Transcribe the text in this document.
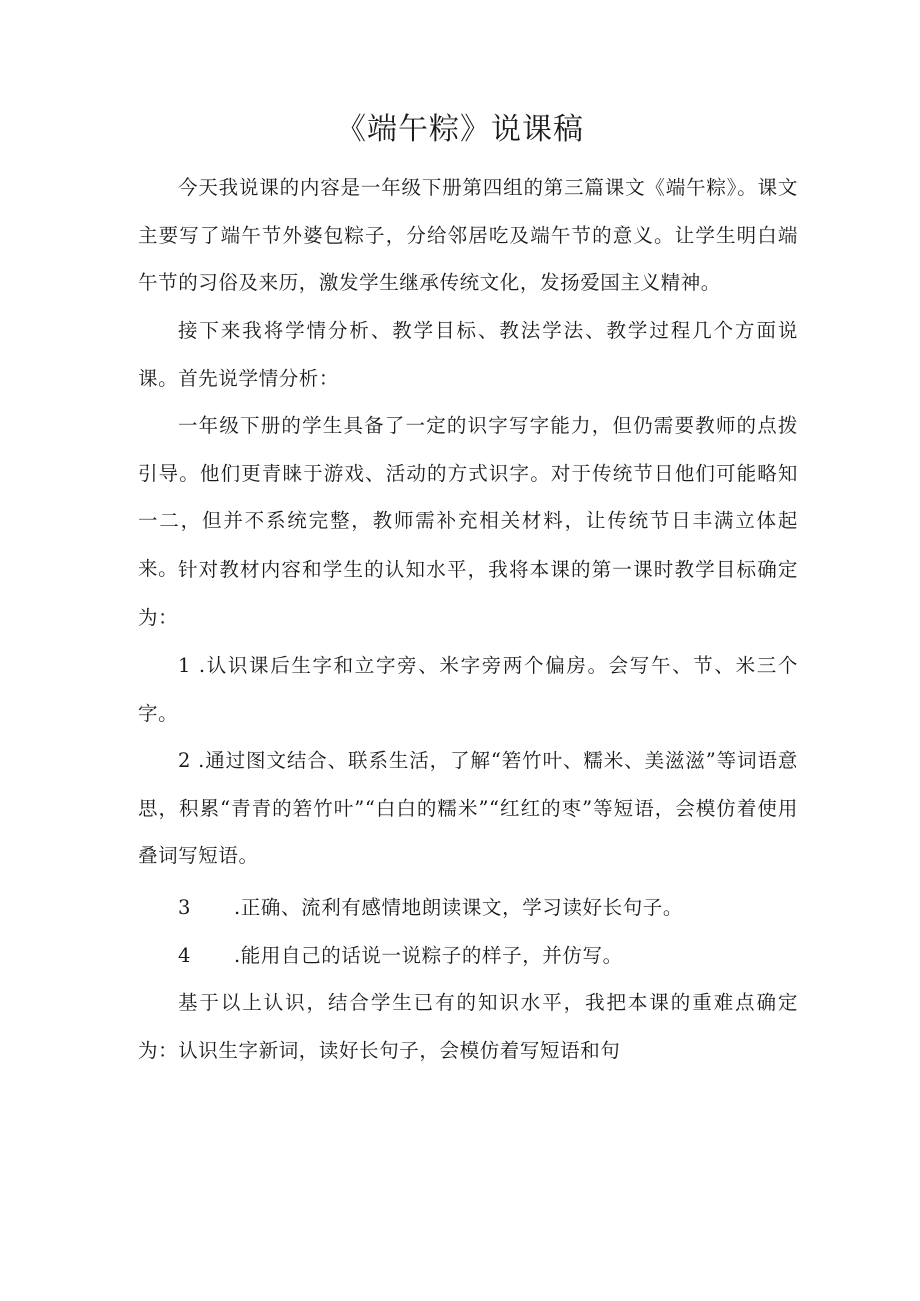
《端午粽》说课稿
今天我说课的内容是一年级下册第四组的第三篇课文《端午粽》。课文主要写了端午节外婆包粽子，分给邻居吃及端午节的意义。让学生明白端午节的习俗及来历，激发学生继承传统文化，发扬爱国主义精神。
接下来我将学情分析、教学目标、教法学法、教学过程几个方面说课。首先说学情分析：
一年级下册的学生具备了一定的识字写字能力，但仍需要教师的点拨引导。他们更青睐于游戏、活动的方式识字。对于传统节日他们可能略知一二，但并不系统完整，教师需补充相关材料，让传统节日丰满立体起来。 针对教材内容和学生的认知水平，我将本课的第一课时教学目标确定为：
1 .认识课后生字和立字旁、米字旁两个偏房。会写午、节、米三个字。
2 .通过图文结合、联系生活，了解“箬竹叶、糯米、美滋滋”等词语意思，积累“青青的箬竹叶”“白白的糯米”“红红的枣”等短语，会模仿着使用叠词写短语。
3 .正确、流利有感情地朗读课文，学习读好长句子。
4 .能用自己的话说一说粽子的样子，并仿写。
基于以上认识，结合学生已有的知识水平，我把本课的重难点确定为：认识生字新词，读好长句子，会模仿着写短语和句
